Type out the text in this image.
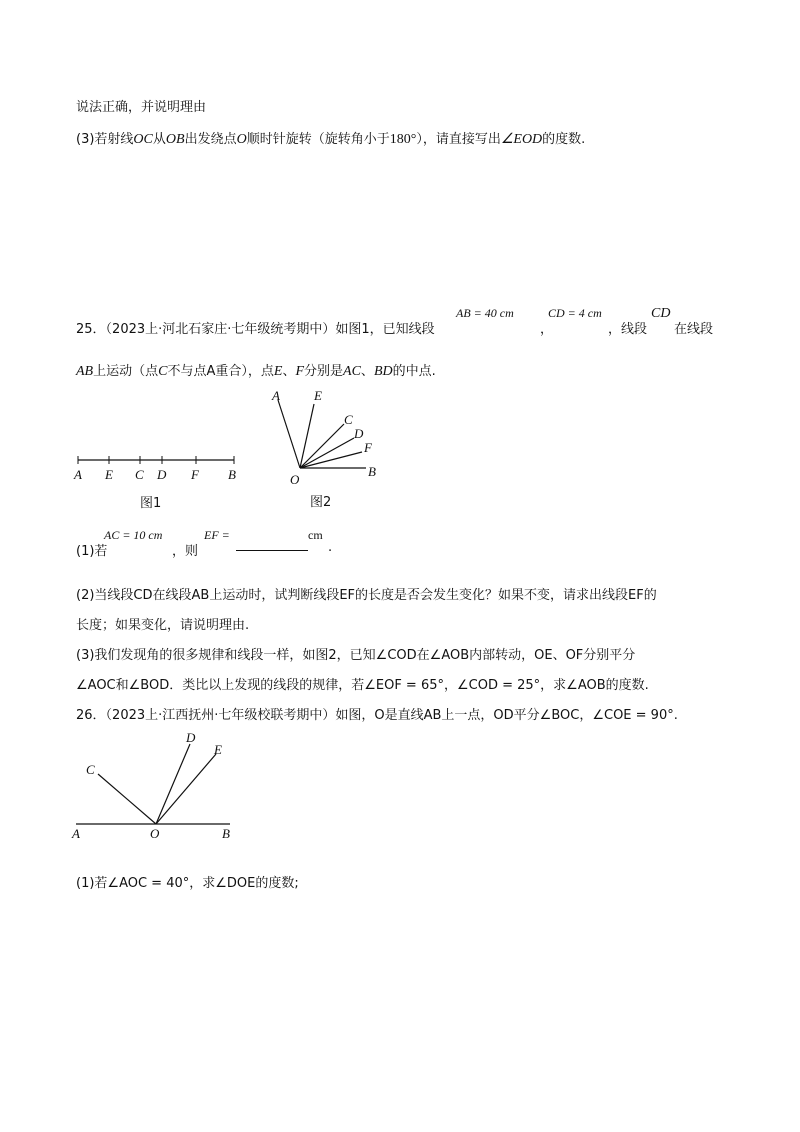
说法正确，并说明理由
(3)若射线OC从OB出发绕点O顺时针旋转（旋转角小于180°），请直接写出∠EOD的度数.
25．（2023上·河北石家庄·七年级统考期中）如图1，已知线段
AB = 40 cm
，
CD = 4 cm
，线段
CD
在线段
AB上运动（点C不与点A重合），点E、F分别是AC、BD的中点.
A E C D F B
图1
A	E
C
D
F
O
B
图2
(1)若
AC = 10 cm
，则
EF =	cm
.
(2)当线段CD在线段AB上运动时，试判断线段EF的长度是否会发生变化？如果不变，请求出线段EF的
长度；如果变化，请说明理由.
(3)我们发现角的很多规律和线段一样，如图2，已知∠COD在∠AOB内部转动，OE、OF分别平分
∠AOC和∠BOD．类比以上发现的线段的规律，若∠EOF = 65°，∠COD = 25°，求∠AOB的度数.
26．（2023上·江西抚州·七年级校联考期中）如图，O是直线AB上一点，OD平分∠BOC，∠COE = 90°.
C
D
E
A	O	B
(1)若∠AOC = 40°，求∠DOE的度数;
